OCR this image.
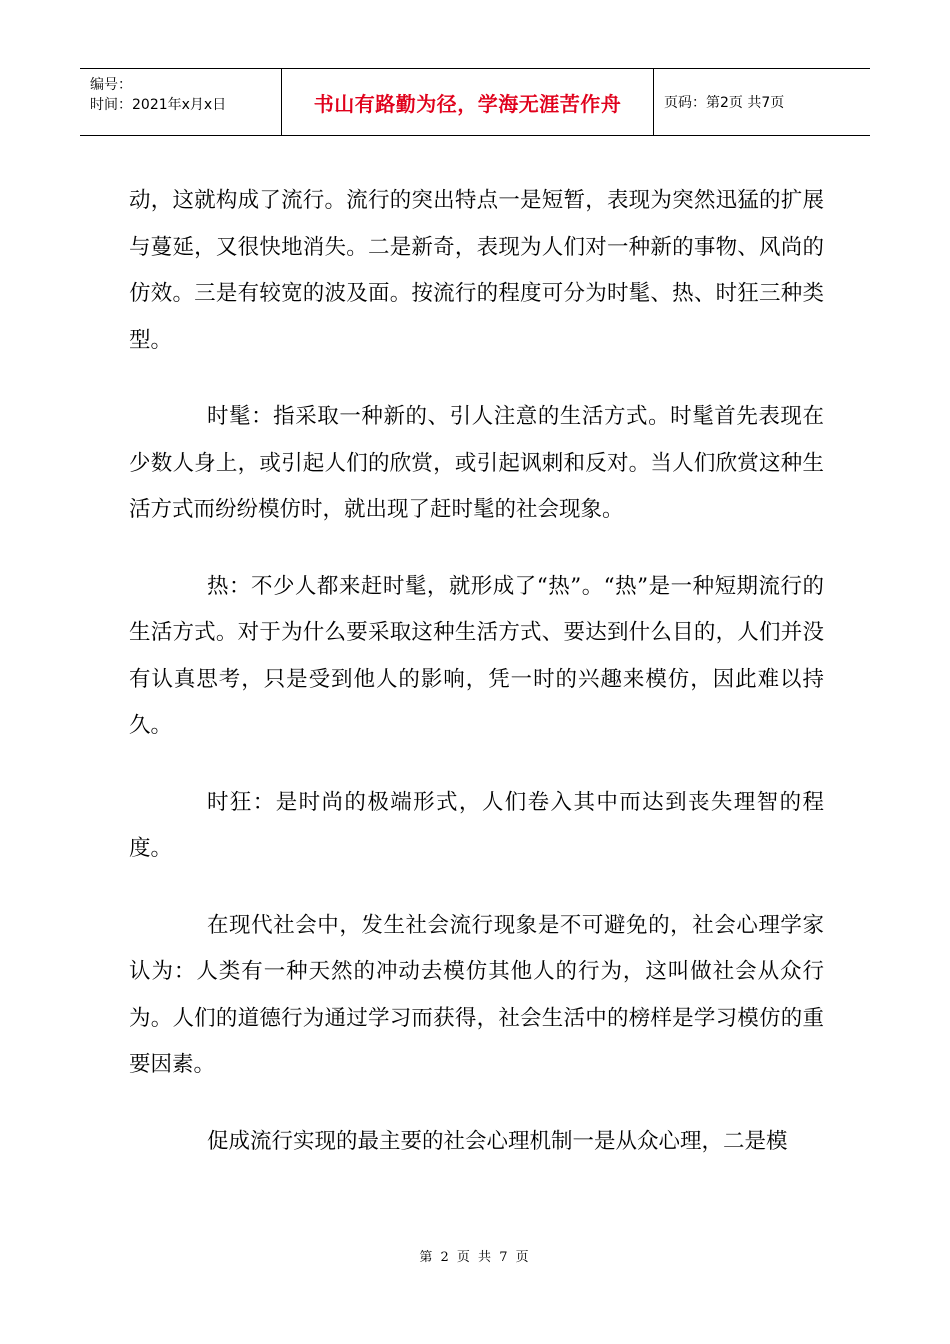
编号：
时间：2021年x月x日	书山有路勤为径，学海无涯苦作舟	页码：第2页 共7页

动，这就构成了流行。流行的突出特点一是短暂，表现为突然迅猛的扩展与蔓延，又很快地消失。二是新奇，表现为人们对一种新的事物、风尚的仿效。三是有较宽的波及面。按流行的程度可分为时髦、热、时狂三种类型。

时髦：指采取一种新的、引人注意的生活方式。时髦首先表现在少数人身上，或引起人们的欣赏，或引起讽刺和反对。当人们欣赏这种生活方式而纷纷模仿时，就出现了赶时髦的社会现象。

热：不少人都来赶时髦，就形成了“热”。“热”是一种短期流行的生活方式。对于为什么要采取这种生活方式、要达到什么目的，人们并没有认真思考，只是受到他人的影响，凭一时的兴趣来模仿，因此难以持久。

时狂：是时尚的极端形式，人们卷入其中而达到丧失理智的程度。

在现代社会中，发生社会流行现象是不可避免的，社会心理学家认为：人类有一种天然的冲动去模仿其他人的行为，这叫做社会从众行为。人们的道德行为通过学习而获得，社会生活中的榜样是学习模仿的重要因素。

促成流行实现的最主要的社会心理机制一是从众心理，二是模

第 2 页 共 7 页
